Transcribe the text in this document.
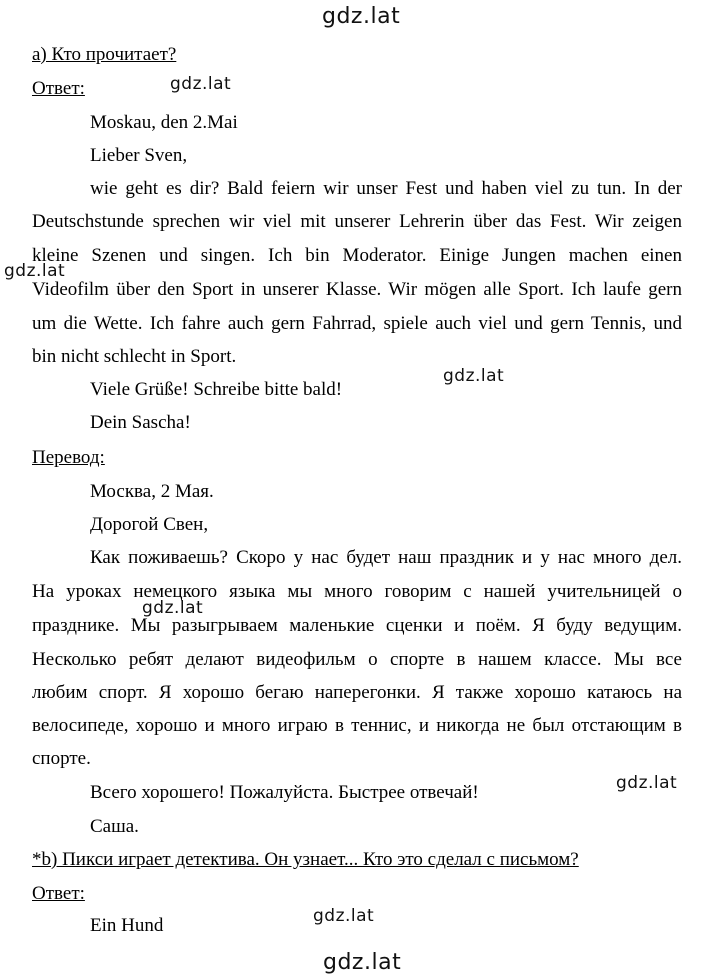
gdz.lat
gdz.lat
gdz.lat
gdz.lat
gdz.lat
gdz.lat
gdz.lat
gdz.lat
а) Кто прочитает?
Ответ:
Moskau, den 2.Mai
Lieber Sven,
wie geht es dir? Bald feiern wir unser Fest und haben viel zu tun. In der
Deutschstunde sprechen wir viel mit unserer Lehrerin über das Fest. Wir zeigen
kleine Szenen und singen. Ich bin Moderator. Einige Jungen machen einen
Videofilm über den Sport in unserer Klasse. Wir mögen alle Sport. Ich laufe gern
um die Wette. Ich fahre auch gern Fahrrad, spiele auch viel und gern Tennis, und
bin nicht schlecht in Sport.
Viele Grüße! Schreibe bitte bald!
Dein Sascha!
Перевод:
Москва, 2 Мая.
Дорогой Свен,
Как поживаешь? Скоро у нас будет наш праздник и у нас много дел.
На уроках немецкого языка мы много говорим с нашей учительницей о
празднике. Мы разыгрываем маленькие сценки и поём. Я буду ведущим.
Несколько ребят делают видеофильм о спорте в нашем классе. Мы все
любим спорт. Я хорошо бегаю наперегонки. Я также хорошо катаюсь на
велосипеде, хорошо и много играю в теннис, и никогда не был отстающим в
спорте.
Всего хорошего! Пожалуйста. Быстрее отвечай!
Саша.
*b) Пикси играет детектива. Он узнает... Кто это сделал с письмом?
Ответ:
Ein Hund
